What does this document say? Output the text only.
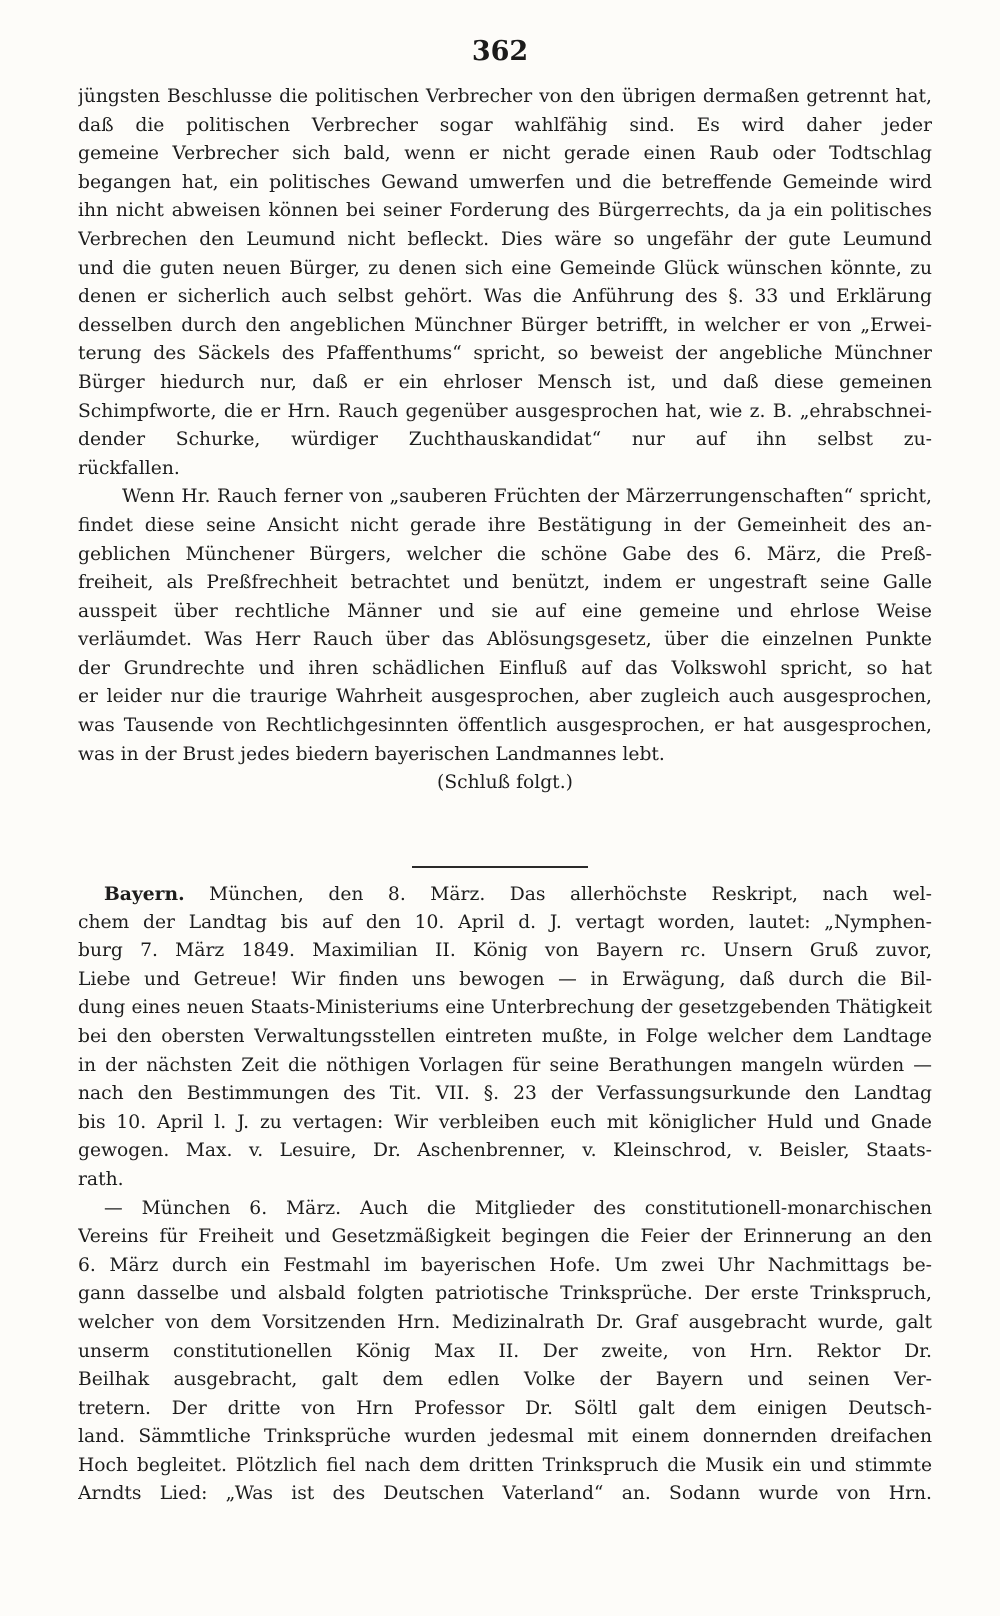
362
jüngsten Beschlusse die politischen Verbrecher von den übrigen dermaßen getrennt hat,
daß die politischen Verbrecher sogar wahlfähig sind. Es wird daher jeder
gemeine Verbrecher sich bald, wenn er nicht gerade einen Raub oder Todtschlag
begangen hat, ein politisches Gewand umwerfen und die betreffende Gemeinde wird
ihn nicht abweisen können bei seiner Forderung des Bürgerrechts, da ja ein politisches
Verbrechen den Leumund nicht befleckt. Dies wäre so ungefähr der gute Leumund
und die guten neuen Bürger, zu denen sich eine Gemeinde Glück wünschen könnte, zu
denen er sicherlich auch selbst gehört. Was die Anführung des §. 33 und Erklärung
desselben durch den angeblichen Münchner Bürger betrifft, in welcher er von „Erwei-
terung des Säckels des Pfaffenthums“ spricht, so beweist der angebliche Münchner
Bürger hiedurch nur, daß er ein ehrloser Mensch ist, und daß diese gemeinen
Schimpfworte, die er Hrn. Rauch gegenüber ausgesprochen hat, wie z. B. „ehrabschnei-
dender Schurke, würdiger Zuchthauskandidat“ nur auf ihn selbst zu-
rückfallen.
Wenn Hr. Rauch ferner von „sauberen Früchten der Märzerrungenschaften“ spricht,
findet diese seine Ansicht nicht gerade ihre Bestätigung in der Gemeinheit des an-
geblichen Münchener Bürgers, welcher die schöne Gabe des 6. März, die Preß-
freiheit, als Preßfrechheit betrachtet und benützt, indem er ungestraft seine Galle
ausspeit über rechtliche Männer und sie auf eine gemeine und ehrlose Weise
verläumdet. Was Herr Rauch über das Ablösungsgesetz, über die einzelnen Punkte
der Grundrechte und ihren schädlichen Einfluß auf das Volkswohl spricht, so hat
er leider nur die traurige Wahrheit ausgesprochen, aber zugleich auch ausgesprochen,
was Tausende von Rechtlichgesinnten öffentlich ausgesprochen, er hat ausgesprochen,
was in der Brust jedes biedern bayerischen Landmannes lebt.
(Schluß folgt.)
Bayern. München, den 8. März. Das allerhöchste Reskript, nach wel-
chem der Landtag bis auf den 10. April d. J. vertagt worden, lautet: „Nymphen-
burg 7. März 1849. Maximilian II. König von Bayern rc. Unsern Gruß zuvor,
Liebe und Getreue! Wir finden uns bewogen — in Erwägung, daß durch die Bil-
dung eines neuen Staats-Ministeriums eine Unterbrechung der gesetzgebenden Thätigkeit
bei den obersten Verwaltungsstellen eintreten mußte, in Folge welcher dem Landtage
in der nächsten Zeit die nöthigen Vorlagen für seine Berathungen mangeln würden —
nach den Bestimmungen des Tit. VII. §. 23 der Verfassungsurkunde den Landtag
bis 10. April l. J. zu vertagen: Wir verbleiben euch mit königlicher Huld und Gnade
gewogen. Max. v. Lesuire, Dr. Aschenbrenner, v. Kleinschrod, v. Beisler, Staats-
rath.
— München 6. März. Auch die Mitglieder des constitutionell-monarchischen
Vereins für Freiheit und Gesetzmäßigkeit begingen die Feier der Erinnerung an den
6. März durch ein Festmahl im bayerischen Hofe. Um zwei Uhr Nachmittags be-
gann dasselbe und alsbald folgten patriotische Trinksprüche. Der erste Trinkspruch,
welcher von dem Vorsitzenden Hrn. Medizinalrath Dr. Graf ausgebracht wurde, galt
unserm constitutionellen König Max II. Der zweite, von Hrn. Rektor Dr.
Beilhak ausgebracht, galt dem edlen Volke der Bayern und seinen Ver-
tretern. Der dritte von Hrn Professor Dr. Söltl galt dem einigen Deutsch-
land. Sämmtliche Trinksprüche wurden jedesmal mit einem donnernden dreifachen
Hoch begleitet. Plötzlich fiel nach dem dritten Trinkspruch die Musik ein und stimmte
Arndts Lied: „Was ist des Deutschen Vaterland“ an. Sodann wurde von Hrn.
